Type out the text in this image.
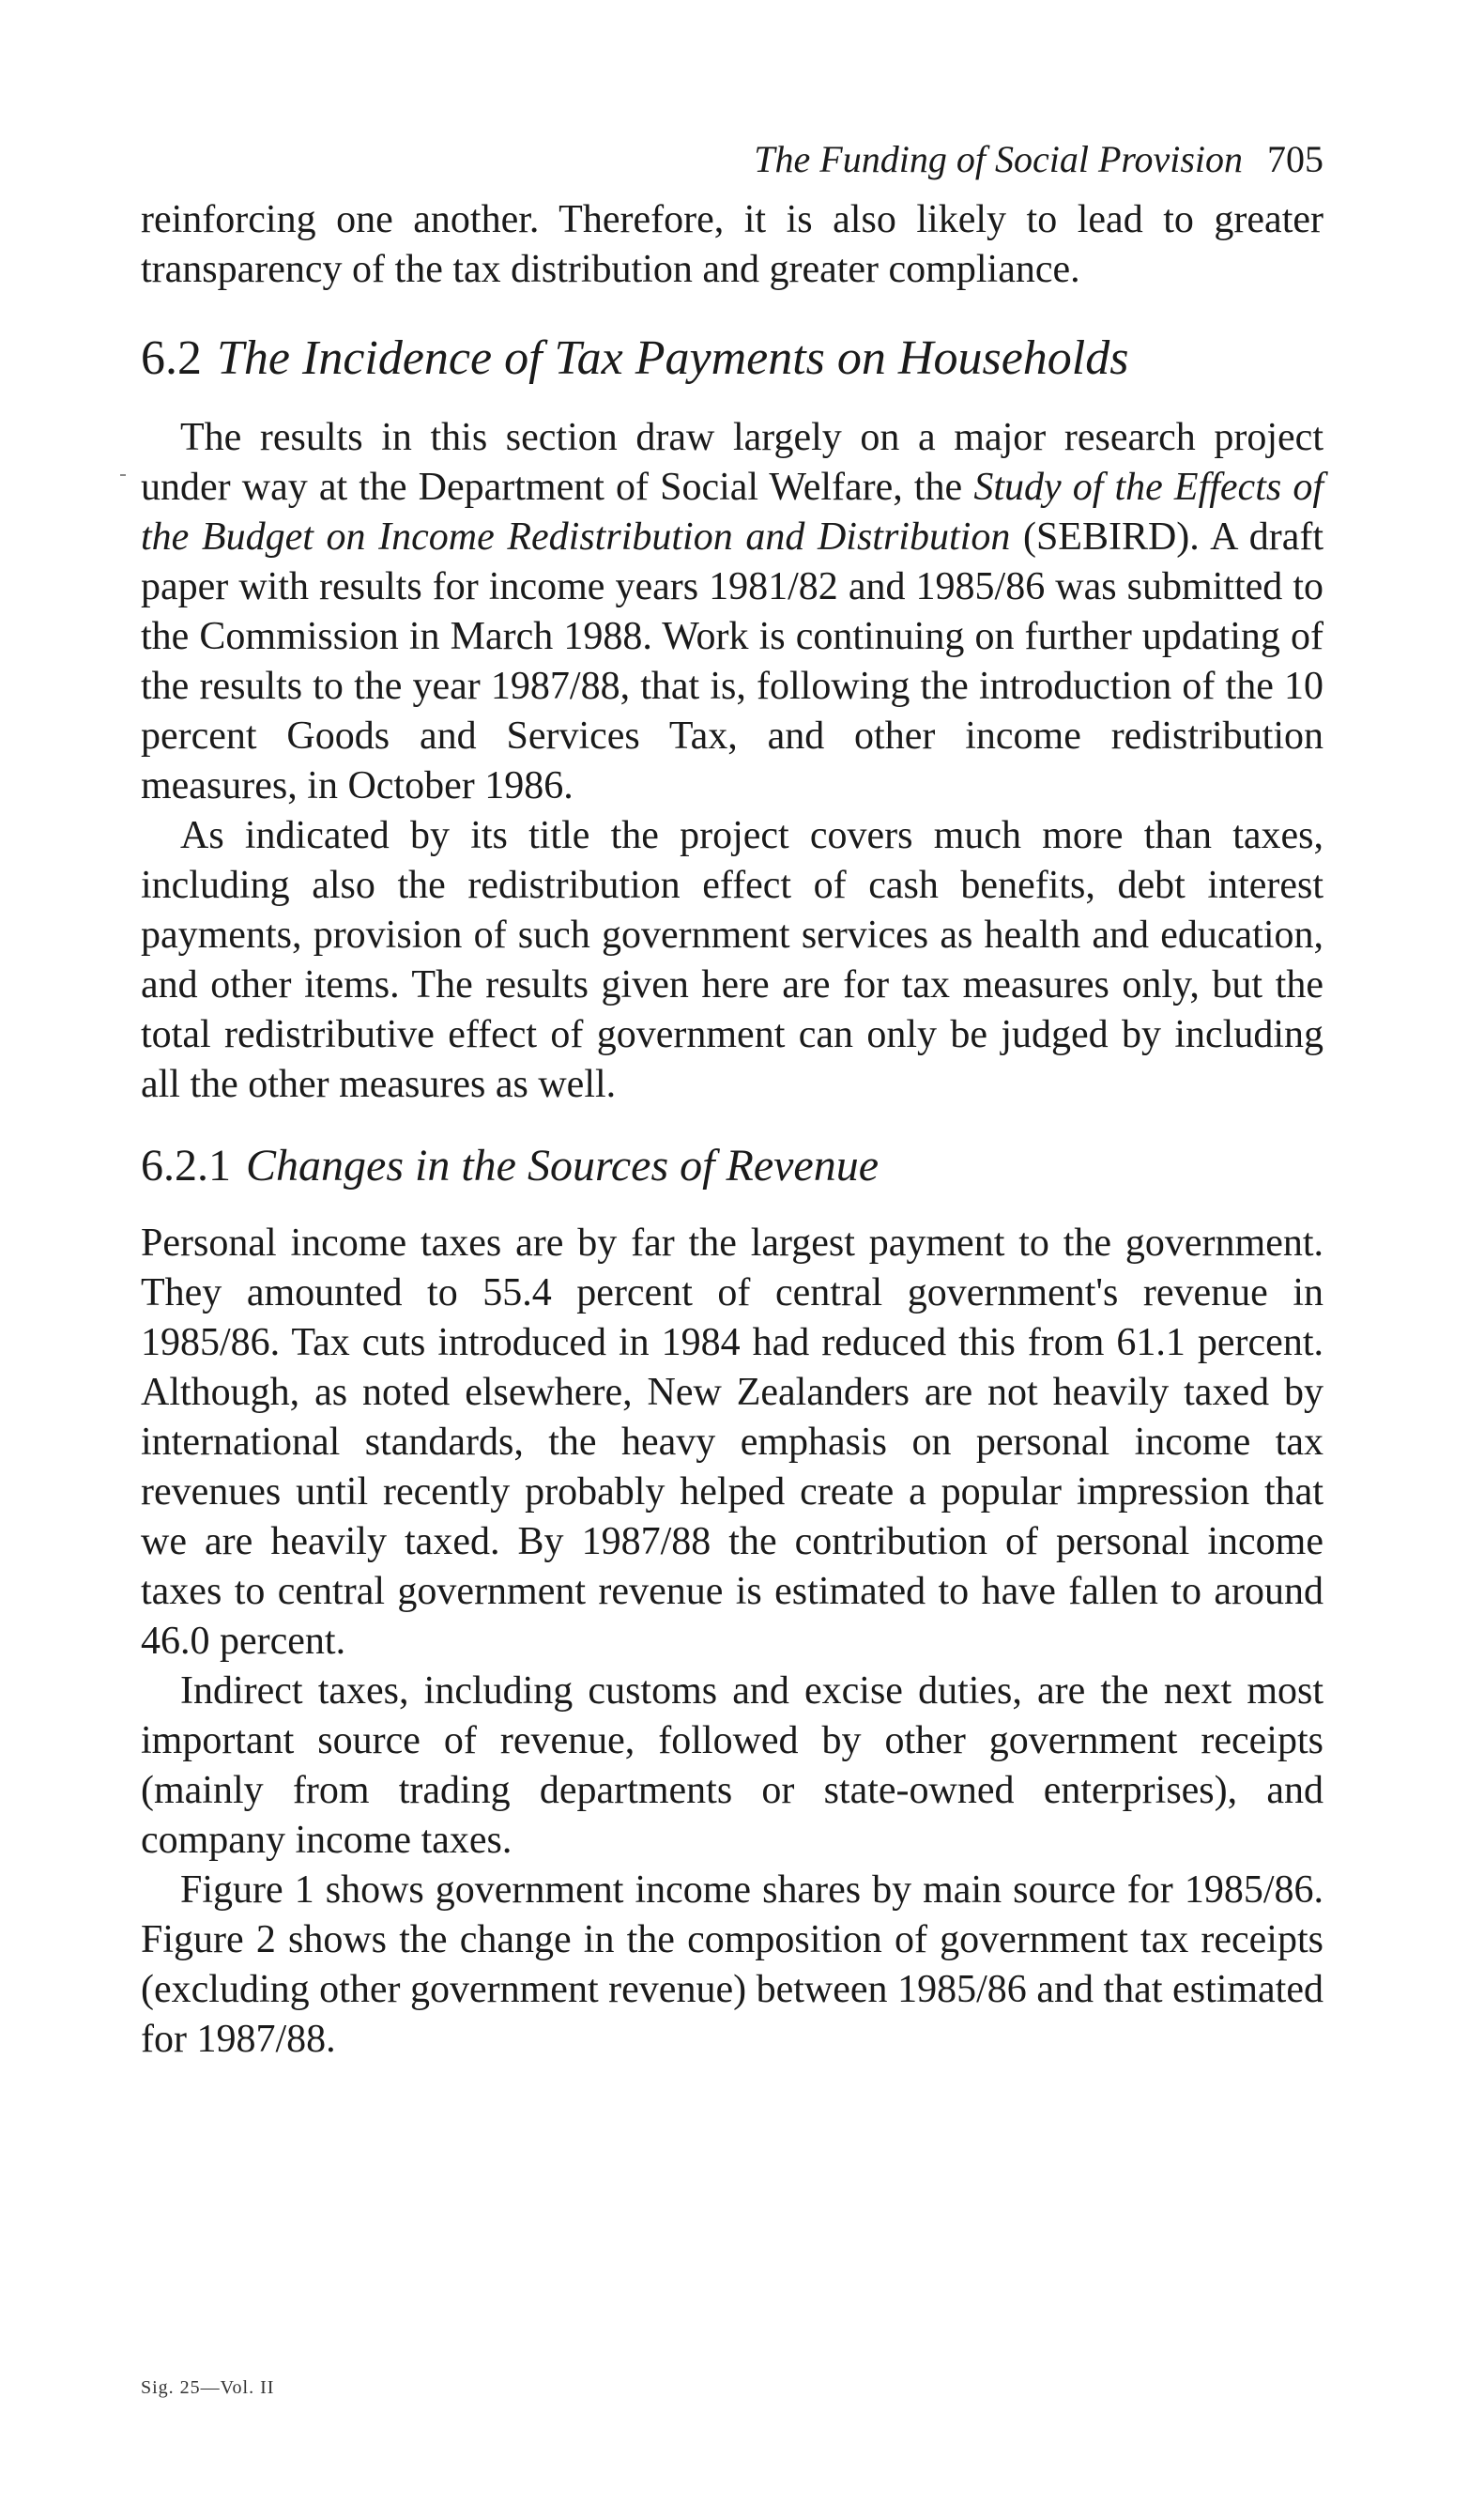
The Funding of Social Provision 705

reinforcing one another. Therefore, it is also likely to lead to greater transparency of the tax distribution and greater compliance.

6.2 The Incidence of Tax Payments on Households

The results in this section draw largely on a major research project under way at the Department of Social Welfare, the Study of the Effects of the Budget on Income Redistribution and Distribution (SEBIRD). A draft paper with results for income years 1981/82 and 1985/86 was submitted to the Commission in March 1988. Work is continuing on further updating of the results to the year 1987/88, that is, following the introduction of the 10 percent Goods and Services Tax, and other income redistribution measures, in October 1986.

As indicated by its title the project covers much more than taxes, including also the redistribution effect of cash benefits, debt interest payments, provision of such government services as health and education, and other items. The results given here are for tax measures only, but the total redistributive effect of government can only be judged by including all the other measures as well.

6.2.1 Changes in the Sources of Revenue

Personal income taxes are by far the largest payment to the government. They amounted to 55.4 percent of central government's revenue in 1985/86. Tax cuts introduced in 1984 had reduced this from 61.1 percent. Although, as noted elsewhere, New Zealanders are not heavily taxed by international standards, the heavy emphasis on personal income tax revenues until recently probably helped create a popular impression that we are heavily taxed. By 1987/88 the contribution of personal income taxes to central government revenue is estimated to have fallen to around 46.0 percent.

Indirect taxes, including customs and excise duties, are the next most important source of revenue, followed by other government receipts (mainly from trading departments or state-owned enterprises), and company income taxes.

Figure 1 shows government income shares by main source for 1985/86. Figure 2 shows the change in the composition of government tax receipts (excluding other government revenue) between 1985/86 and that estimated for 1987/88.

Sig. 25—Vol. II
